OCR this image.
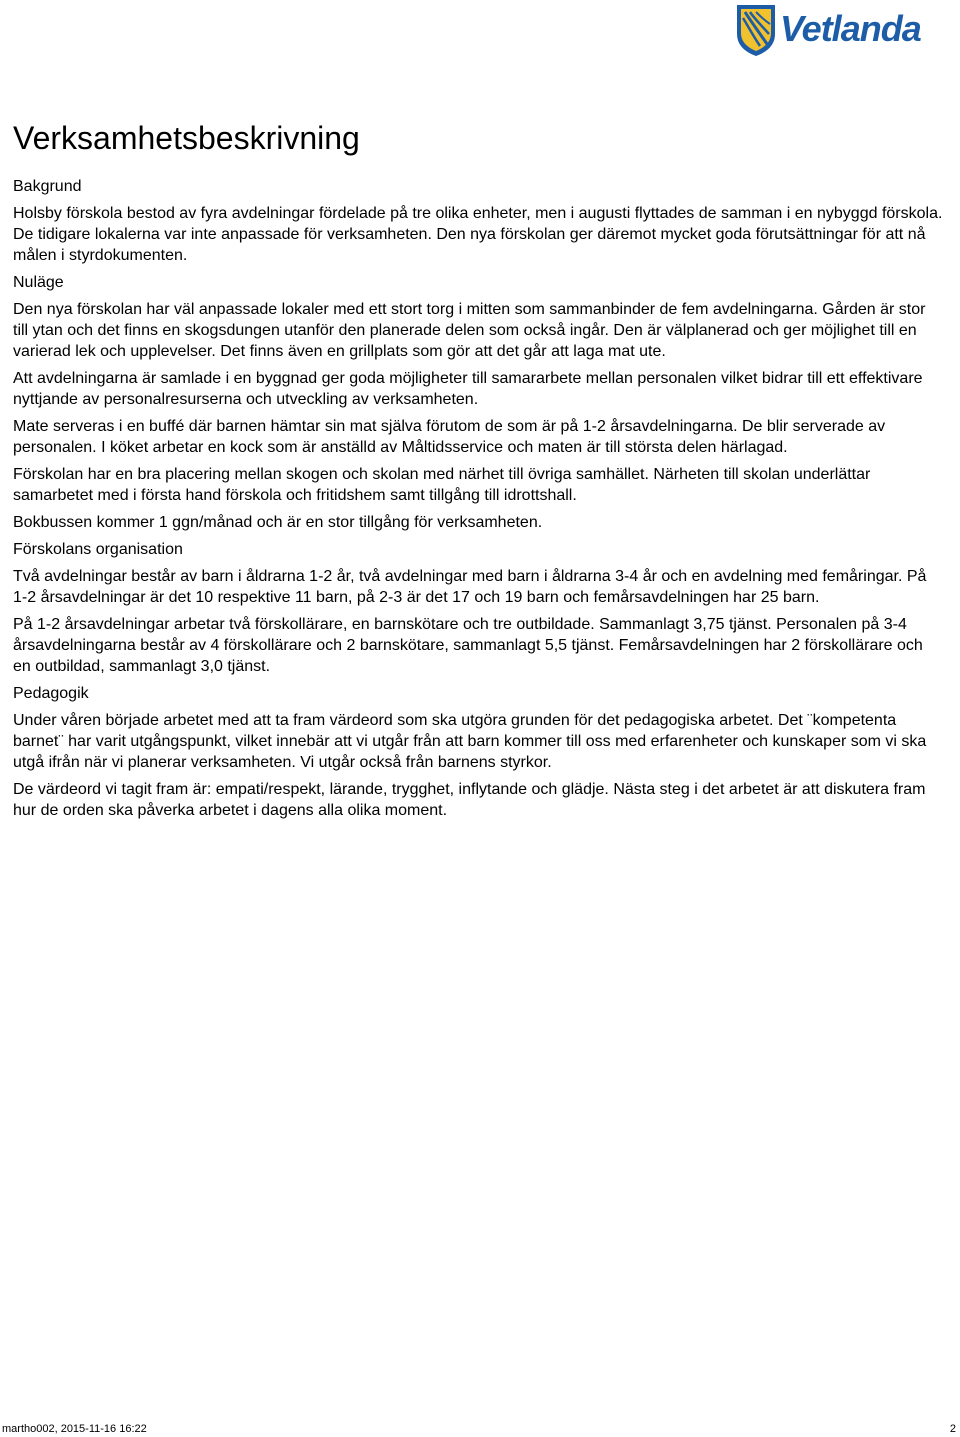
Vetlanda
Verksamhetsbeskrivning
Bakgrund
Holsby förskola bestod av fyra avdelningar fördelade på tre olika enheter, men i augusti flyttades de samman i en nybyggd förskola. De tidigare lokalerna var inte anpassade för verksamheten. Den nya förskolan ger däremot mycket goda förutsättningar för att nå målen i styrdokumenten.
Nuläge
Den nya förskolan har väl anpassade lokaler med ett stort torg i mitten som sammanbinder de fem avdelningarna. Gården är stor till ytan och det finns en skogsdungen utanför den planerade delen som också ingår. Den är välplanerad och ger möjlighet till en varierad lek och upplevelser. Det finns även en grillplats som gör att det går att laga mat ute.
Att avdelningarna är samlade i en byggnad ger goda möjligheter till samararbete mellan personalen vilket bidrar till ett effektivare nyttjande av personalresurserna och utveckling av verksamheten.
Mate serveras i en buffé där barnen hämtar sin mat själva förutom de som är på 1-2 årsavdelningarna. De blir serverade av personalen. I köket arbetar en kock som är anställd av Måltidsservice och maten är till största delen härlagad.
Förskolan har en bra placering mellan skogen och skolan med närhet till övriga samhället. Närheten till skolan underlättar samarbetet med i första hand förskola och fritidshem samt tillgång till idrottshall.
Bokbussen kommer 1 ggn/månad och är en stor tillgång för verksamheten.
Förskolans organisation
Två avdelningar består av barn i åldrarna 1-2 år, två avdelningar med barn i åldrarna 3-4 år och en avdelning med femåringar. På 1-2 årsavdelningar är det 10 respektive 11 barn, på 2-3 är det 17 och 19 barn och femårsavdelningen har 25 barn.
På 1-2 årsavdelningar arbetar två förskollärare, en barnskötare och tre outbildade. Sammanlagt 3,75 tjänst. Personalen på 3-4 årsavdelningarna består av 4 förskollärare och 2 barnskötare, sammanlagt 5,5 tjänst. Femårsavdelningen har 2 förskollärare och en outbildad, sammanlagt 3,0 tjänst.
Pedagogik
Under våren började arbetet med att ta fram värdeord som ska utgöra grunden för det pedagogiska arbetet. Det ¨kompetenta barnet¨ har varit utgångspunkt, vilket innebär att vi utgår från att barn kommer till oss med erfarenheter och kunskaper som vi ska utgå ifrån när vi planerar verksamheten. Vi utgår också från barnens styrkor.
De värdeord vi tagit fram är: empati/respekt, lärande, trygghet, inflytande och glädje. Nästa steg i det arbetet är att diskutera fram hur de orden ska påverka arbetet i dagens alla olika moment.
martho002, 2015-11-16 16:22	2
